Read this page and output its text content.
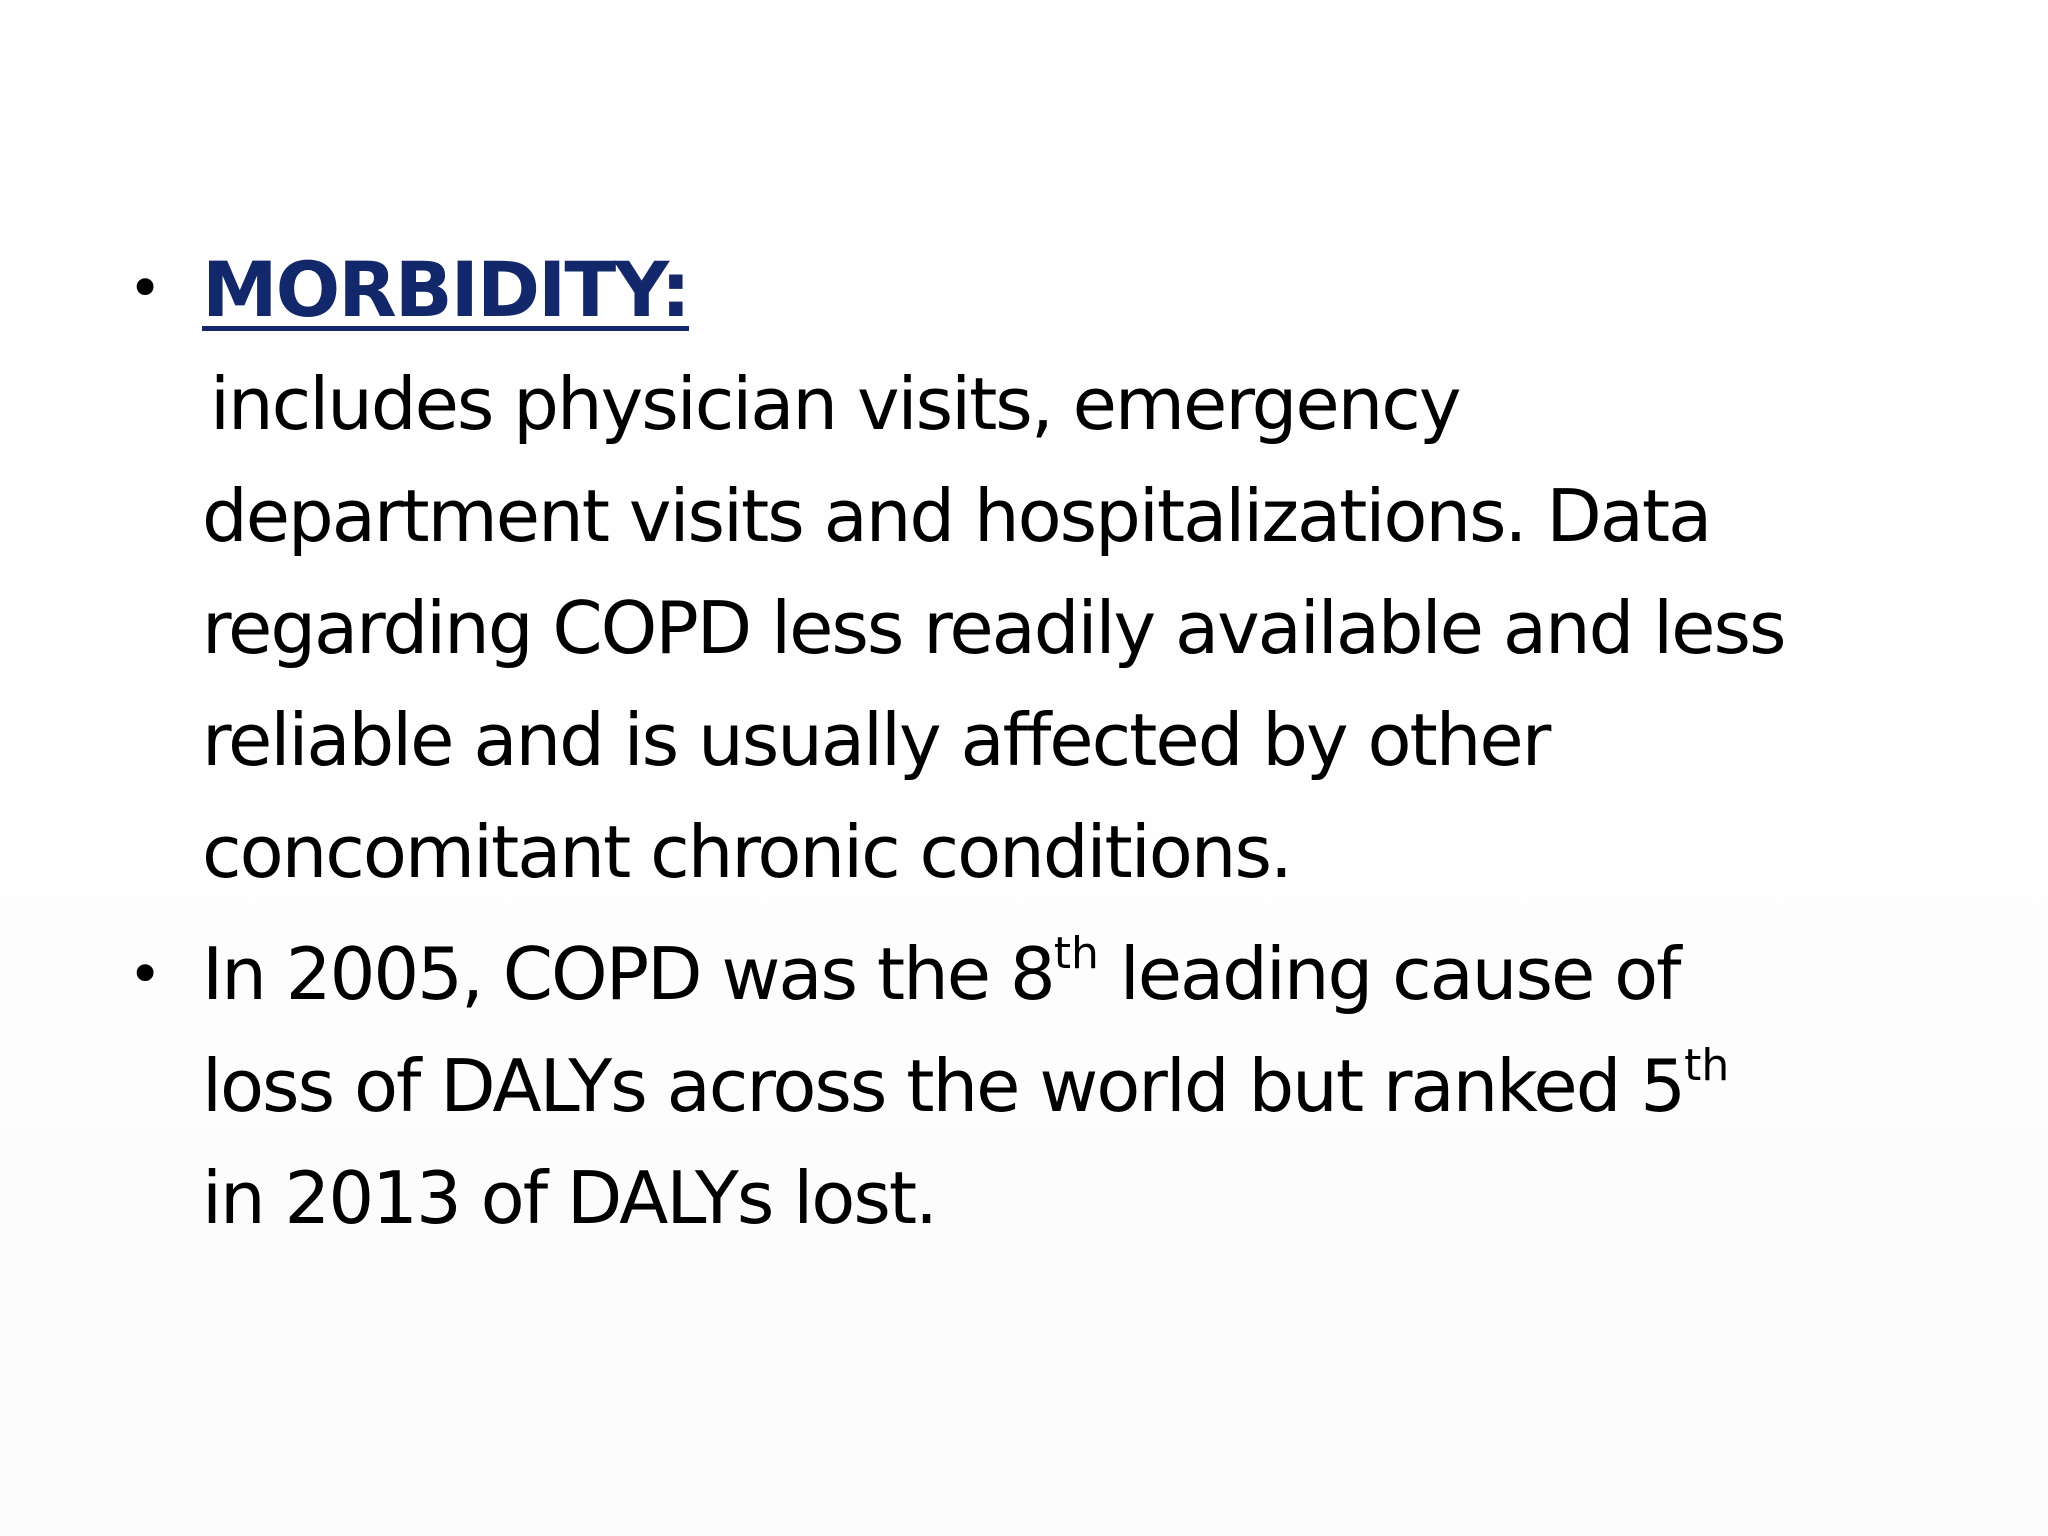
• MORBIDITY:
includes physician visits, emergency
department visits and hospitalizations. Data
regarding COPD less readily available and less
reliable and is usually affected by other
concomitant chronic conditions.
• In 2005, COPD was the 8th leading cause of
loss of DALYs across the world but ranked 5th
in 2013 of DALYs lost.
